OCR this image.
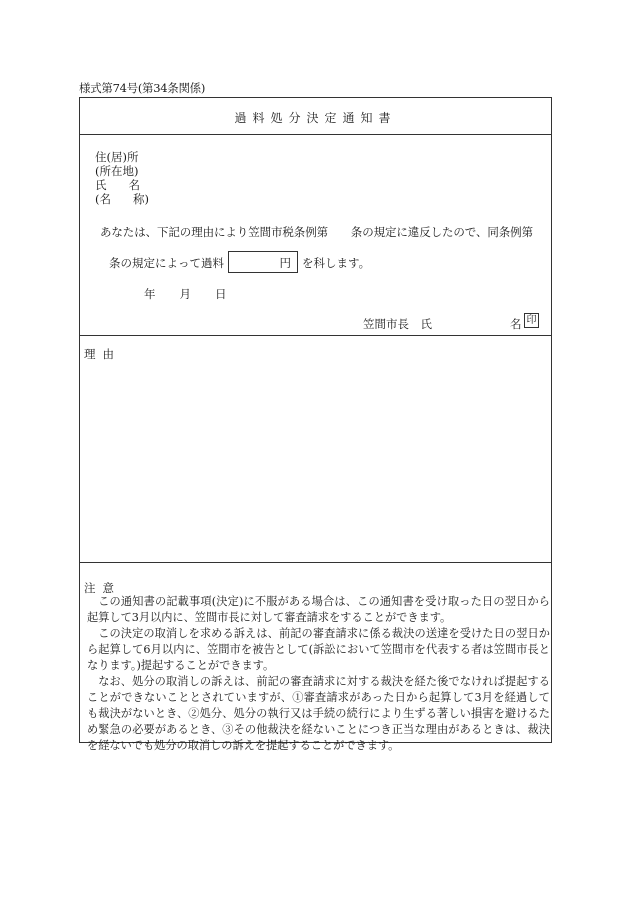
様式第74号(第34条関係)
過料処分決定通知書
住(居)所
(所在地)
氏 名
(名 称)
あなたは、下記の理由により笠間市税条例第　　条の規定に違反したので、同条例第
条の規定によって過料	円 を科します。
年 月 日
笠間市長　氏	名 印
理由
注意

この通知書の記載事項(決定)に不服がある場合は、この通知書を受け取った日の翌日から起算して3月以内に、笠間市長に対して審査請求をすることができます。

この決定の取消しを求める訴えは、前記の審査請求に係る裁決の送達を受けた日の翌日から起算して6月以内に、笠間市を被告として(訴訟において笠間市を代表する者は笠間市長となります。)提起することができます。

なお、処分の取消しの訴えは、前記の審査請求に対する裁決を経た後でなければ提起することができないこととされていますが、①審査請求があった日から起算して3月を経過しても裁決がないとき、②処分、処分の執行又は手続の続行により生ずる著しい損害を避けるため緊急の必要があるとき、③その他裁決を経ないことにつき正当な理由があるときは、裁決を経ないでも処分の取消しの訴えを提起することができます。
